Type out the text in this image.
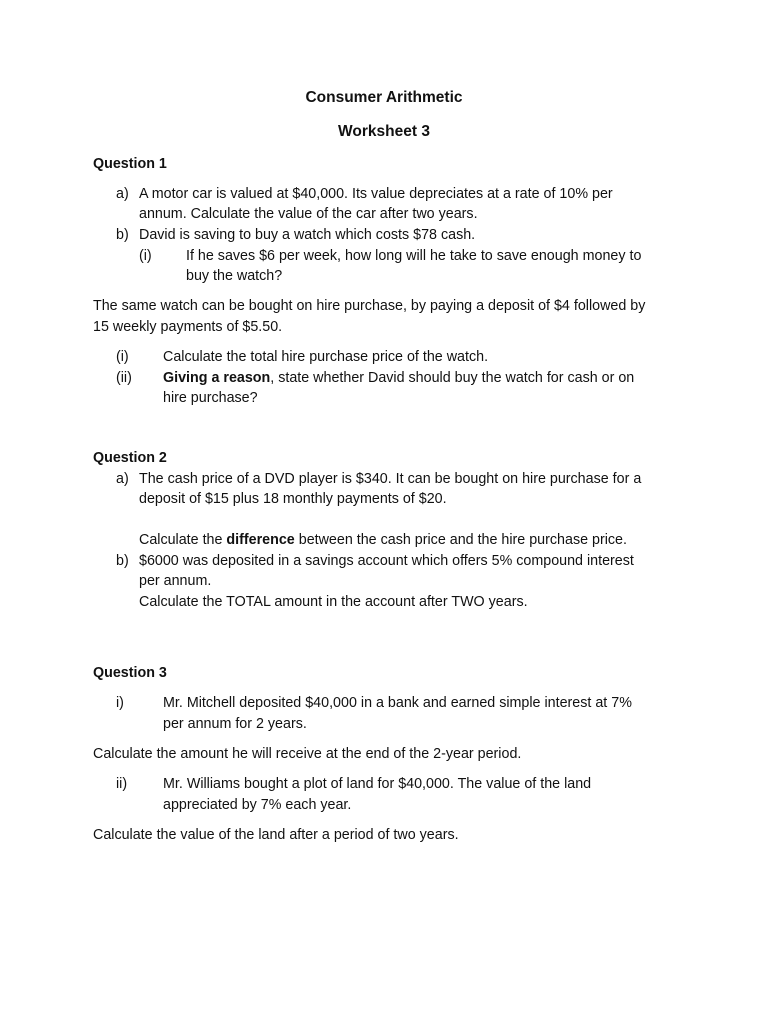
Consumer Arithmetic
Worksheet 3
Question 1
a) A motor car is valued at $40,000. Its value depreciates at a rate of 10% per
annum. Calculate the value of the car after two years.
b) David is saving to buy a watch which costs $78 cash.
(i) If he saves $6 per week, how long will he take to save enough money to
buy the watch?
The same watch can be bought on hire purchase, by paying a deposit of $4 followed by
15 weekly payments of $5.50.
(i) Calculate the total hire purchase price of the watch.
(ii) Giving a reason, state whether David should buy the watch for cash or on
hire purchase?
Question 2
a) The cash price of a DVD player is $340. It can be bought on hire purchase for a
deposit of $15 plus 18 monthly payments of $20.
Calculate the difference between the cash price and the hire purchase price.
b) $6000 was deposited in a savings account which offers 5% compound interest
per annum.
Calculate the TOTAL amount in the account after TWO years.
Question 3
i)	Mr. Mitchell deposited $40,000 in a bank and earned simple interest at 7%
per annum for 2 years.
Calculate the amount he will receive at the end of the 2-year period.
ii)	Mr. Williams bought a plot of land for $40,000. The value of the land
appreciated by 7% each year.
Calculate the value of the land after a period of two years.
